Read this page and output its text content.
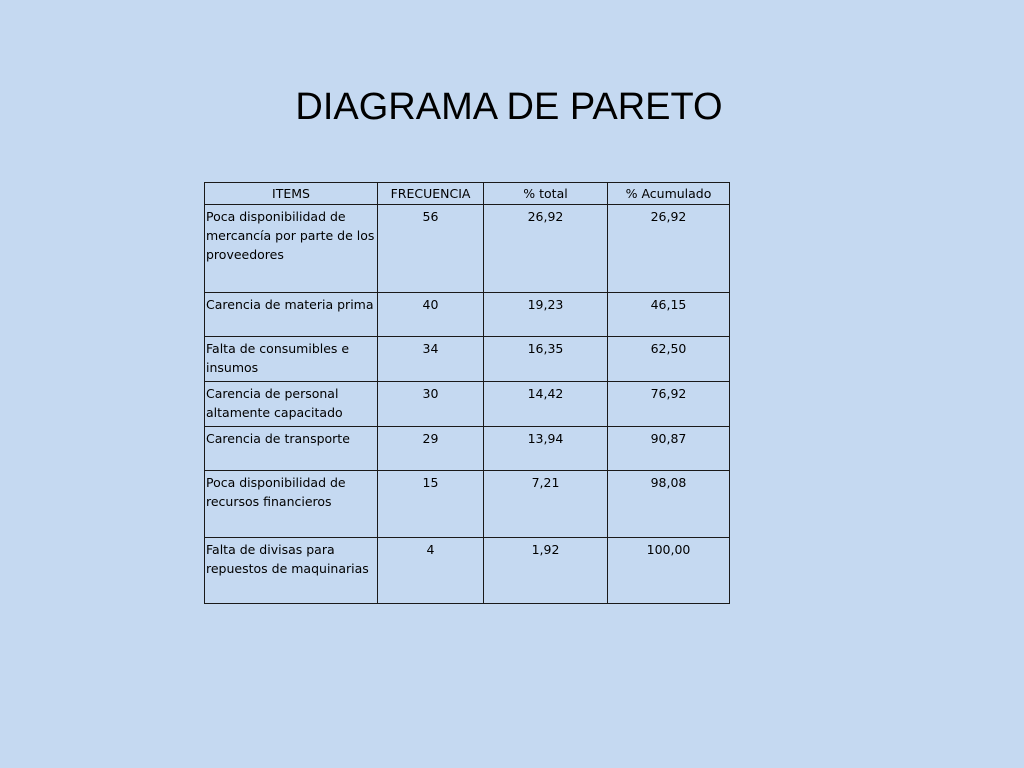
DIAGRAMA DE PARETO
ITEMS	FRECUENCIA	% total	% Acumulado
Poca disponibilidad de mercancía por parte de los proveedores	56	26,92	26,92
Carencia de materia prima	40	19,23	46,15
Falta de consumibles e insumos	34	16,35	62,50
Carencia de personal altamente capacitado	30	14,42	76,92
Carencia de transporte	29	13,94	90,87
Poca disponibilidad de recursos financieros	15	7,21	98,08
Falta de divisas para repuestos de maquinarias	4	1,92	100,00
